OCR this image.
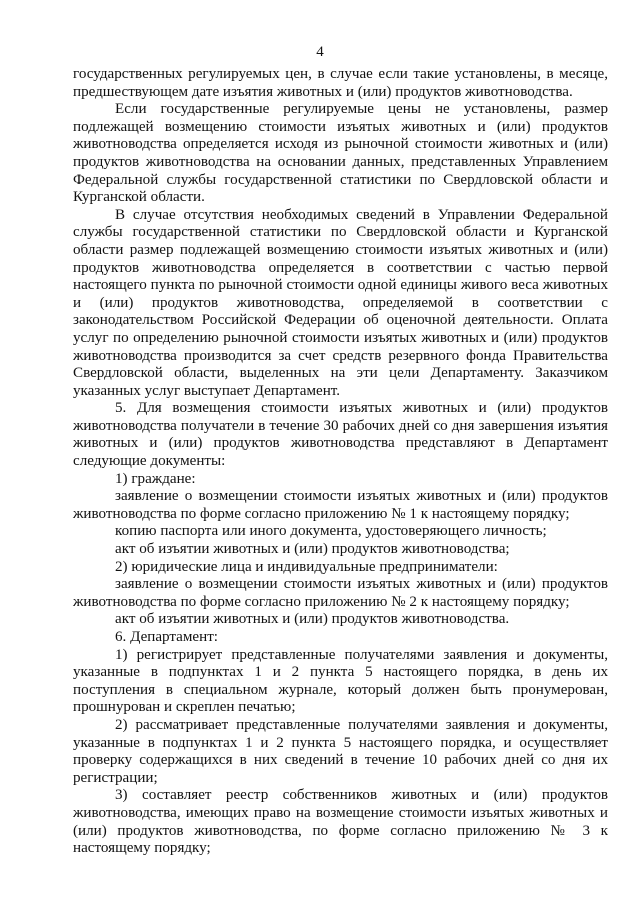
4

государственных регулируемых цен, в случае если такие установлены, в месяце, предшествующем дате изъятия животных и (или) продуктов животноводства.

Если государственные регулируемые цены не установлены, размер подлежащей возмещению стоимости изъятых животных и (или) продуктов животноводства определяется исходя из рыночной стоимости животных и (или) продуктов животноводства на основании данных, представленных Управлением Федеральной службы государственной статистики по Свердловской области и Курганской области.

В случае отсутствия необходимых сведений в Управлении Федеральной службы государственной статистики по Свердловской области и Курганской области размер подлежащей возмещению стоимости изъятых животных и (или) продуктов животноводства определяется в соответствии с частью первой настоящего пункта по рыночной стоимости одной единицы живого веса животных и (или) продуктов животноводства, определяемой в соответствии с законодательством Российской Федерации об оценочной деятельности. Оплата услуг по определению рыночной стоимости изъятых животных и (или) продуктов животноводства производится за счет средств резервного фонда Правительства Свердловской области, выделенных на эти цели Департаменту. Заказчиком указанных услуг выступает Департамент.

5. Для возмещения стоимости изъятых животных и (или) продуктов животноводства получатели в течение 30 рабочих дней со дня завершения изъятия животных и (или) продуктов животноводства представляют в Департамент следующие документы:

1) граждане:

заявление о возмещении стоимости изъятых животных и (или) продуктов животноводства по форме согласно приложению № 1 к настоящему порядку;

копию паспорта или иного документа, удостоверяющего личность;

акт об изъятии животных и (или) продуктов животноводства;

2) юридические лица и индивидуальные предприниматели:

заявление о возмещении стоимости изъятых животных и (или) продуктов животноводства по форме согласно приложению № 2 к настоящему порядку;

акт об изъятии животных и (или) продуктов животноводства.

6. Департамент:

1) регистрирует представленные получателями заявления и документы, указанные в подпунктах 1 и 2 пункта 5 настоящего порядка, в день их поступления в специальном журнале, который должен быть пронумерован, прошнурован и скреплен печатью;

2) рассматривает представленные получателями заявления и документы, указанные в подпунктах 1 и 2 пункта 5 настоящего порядка, и осуществляет проверку содержащихся в них сведений в течение 10 рабочих дней со дня их регистрации;

3) составляет реестр собственников животных и (или) продуктов животноводства, имеющих право на возмещение стоимости изъятых животных и (или) продуктов животноводства, по форме согласно приложению № 3 к настоящему порядку;
